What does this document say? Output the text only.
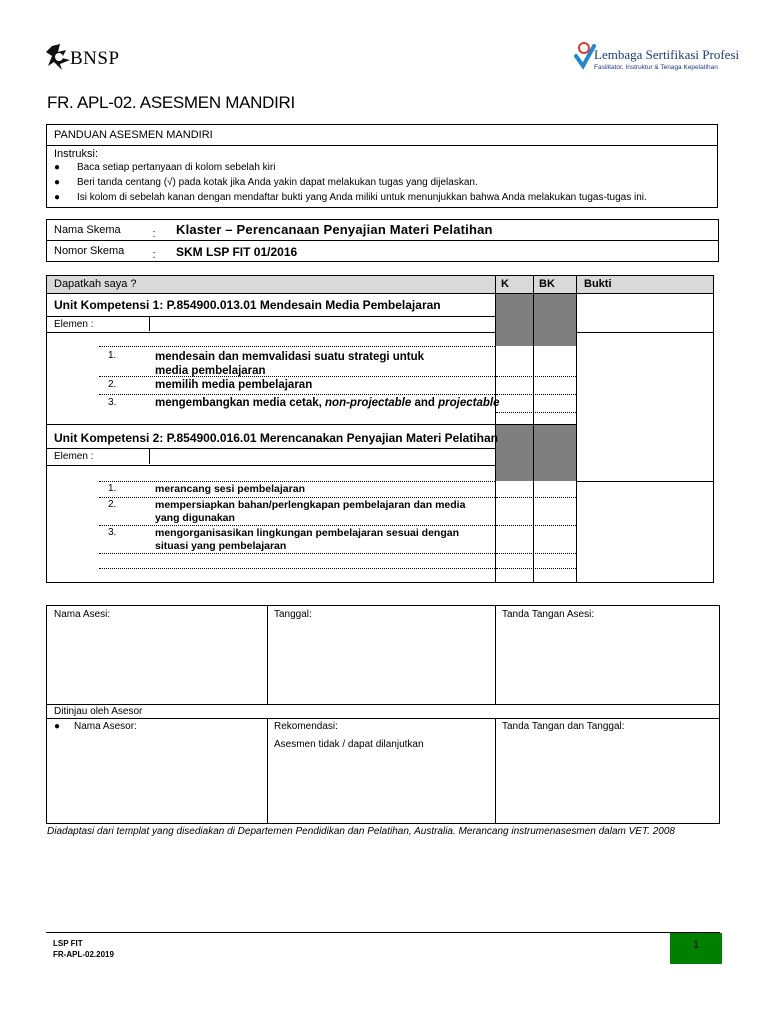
BNSP	Lembaga Sertifikasi Profesi
Fasilitator, Instruktur & Tenaga Kepelatihan
FR. APL-02. ASESMEN MANDIRI
PANDUAN ASESMEN MANDIRI
Instruksi:
● Baca setiap pertanyaan di kolom sebelah kiri
● Beri tanda centang (√) pada kotak jika Anda yakin dapat melakukan tugas yang dijelaskan.
● Isi kolom di sebelah kanan dengan mendaftar bukti yang Anda miliki untuk menunjukkan bahwa Anda melakukan tugas-tugas ini.
Nama Skema	$_:$ Klaster – Perencanaan Penyajian Materi Pelatihan
Nomor Skema	$_:$ SKM LSP FIT 01/2016
Dapatkah saya ?	K	BK	Bukti
Unit Kompetensi 1: P.854900.013.01 Mendesain Media Pembelajaran
Elemen :
1.	mendesain dan memvalidasi suatu strategi untuk media pembelajaran
2.	memilih media pembelajaran
3.	mengembangkan media cetak, non-projectable and projectable
Unit Kompetensi 2: P.854900.016.01 Merencanakan Penyajian Materi Pelatihan
Elemen :
1.	merancang sesi pembelajaran
2.	mempersiapkan bahan/perlengkapan pembelajaran dan media yang digunakan
3.	mengorganisasikan lingkungan pembelajaran sesuai dengan situasi yang pembelajaran
Nama Asesi:	Tanggal:	Tanda Tangan Asesi:
Ditinjau oleh Asesor
● Nama Asesor:	Rekomendasi:
Asesmen tidak / dapat dilanjutkan
Tanda Tangan dan Tanggal:
Diadaptasi dari templat yang disediakan di Departemen Pendidikan dan Pelatihan, Australia. Merancang instrumenasesmen dalam VET. 2008
LSP FIT
FR-APL-02.2019
1
